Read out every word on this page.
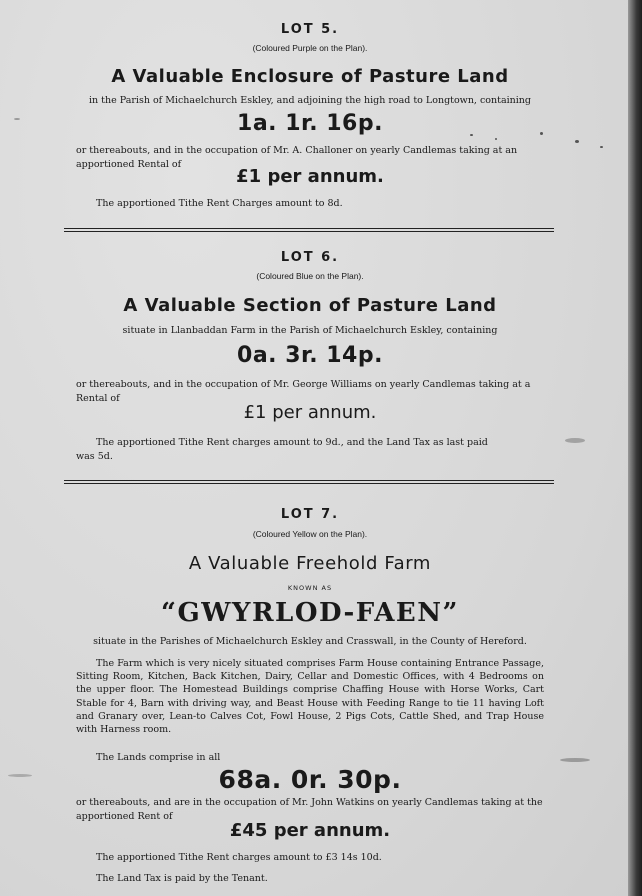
LOT 5.
(Coloured Purple on the Plan).
A Valuable Enclosure of Pasture Land
in the Parish of Michaelchurch Eskley, and adjoining the high road to Longtown, containing
1a. 1r. 16p.
or thereabouts, and in the occupation of Mr. A. Challoner on yearly Candlemas taking at an
apportioned Rental of
£1 per annum.
The apportioned Tithe Rent Charges amount to 8d.
LOT 6.
(Coloured Blue on the Plan).
A Valuable Section of Pasture Land
situate in Llanbaddan Farm in the Parish of Michaelchurch Eskley, containing
0a. 3r. 14p.
or thereabouts, and in the occupation of Mr. George Williams on yearly Candlemas taking at a
Rental of
£1 per annum.
The apportioned Tithe Rent charges amount to 9d., and the Land Tax as last paid
was 5d.
LOT 7.
(Coloured Yellow on the Plan).
A Valuable Freehold Farm
KNOWN AS
“GWYRLOD-FAEN”
situate in the Parishes of Michaelchurch Eskley and Crasswall, in the County of Hereford.
The Farm which is very nicely situated comprises Farm House containing Entrance Passage, Sitting Room, Kitchen, Back Kitchen, Dairy, Cellar and Domestic Offices, with 4 Bedrooms on the upper floor. The Homestead Buildings comprise Chaffing House with Horse Works, Cart Stable for 4, Barn with driving way, and Beast House with Feeding Range to tie 11 having Loft and Granary over, Lean-to Calves Cot, Fowl House, 2 Pigs Cots, Cattle Shed, and Trap House with Harness room.
The Lands comprise in all
68a. 0r. 30p.
or thereabouts, and are in the occupation of Mr. John Watkins on yearly Candlemas taking at the
apportioned Rent of
£45 per annum.
The apportioned Tithe Rent charges amount to £3 14s 10d.
The Land Tax is paid by the Tenant.
